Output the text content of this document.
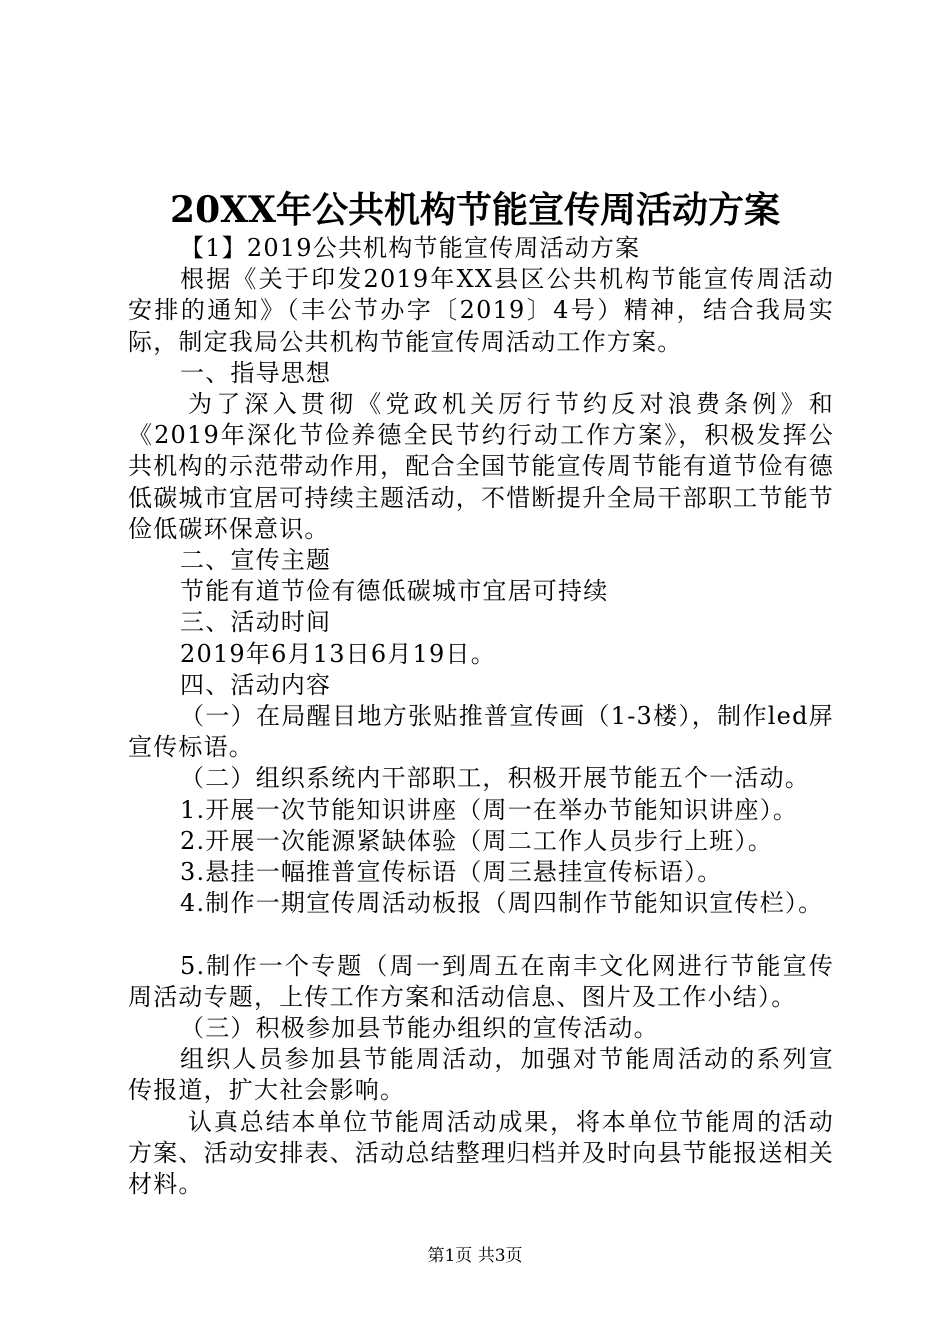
20XX年公共机构节能宣传周活动方案

【1】2019公共机构节能宣传周活动方案

根据《关于印发2019年XX县区公共机构节能宣传周活动安排的通知》（丰公节办字〔2019〕4号）精神，结合我局实际，制定我局公共机构节能宣传周活动工作方案。

一、指导思想

为了深入贯彻《党政机关厉行节约反对浪费条例》和《2019年深化节俭养德全民节约行动工作方案》，积极发挥公共机构的示范带动作用，配合全国节能宣传周节能有道节俭有德低碳城市宜居可持续主题活动，不惜断提升全局干部职工节能节俭低碳环保意识。

二、宣传主题

节能有道节俭有德低碳城市宜居可持续

三、活动时间

2019年6月13日6月19日。

四、活动内容

（一）在局醒目地方张贴推普宣传画（1-3楼），制作led屏宣传标语。

（二）组织系统内干部职工，积极开展节能五个一活动。

1.开展一次节能知识讲座（周一在举办节能知识讲座）。

2.开展一次能源紧缺体验（周二工作人员步行上班）。

3.悬挂一幅推普宣传标语（周三悬挂宣传标语）。

4.制作一期宣传周活动板报（周四制作节能知识宣传栏）。

5.制作一个专题（周一到周五在南丰文化网进行节能宣传周活动专题，上传工作方案和活动信息、图片及工作小结）。

（三）积极参加县节能办组织的宣传活动。

组织人员参加县节能周活动，加强对节能周活动的系列宣传报道，扩大社会影响。

认真总结本单位节能周活动成果，将本单位节能周的活动方案、活动安排表、活动总结整理归档并及时向县节能报送相关材料。

第1页 共3页
